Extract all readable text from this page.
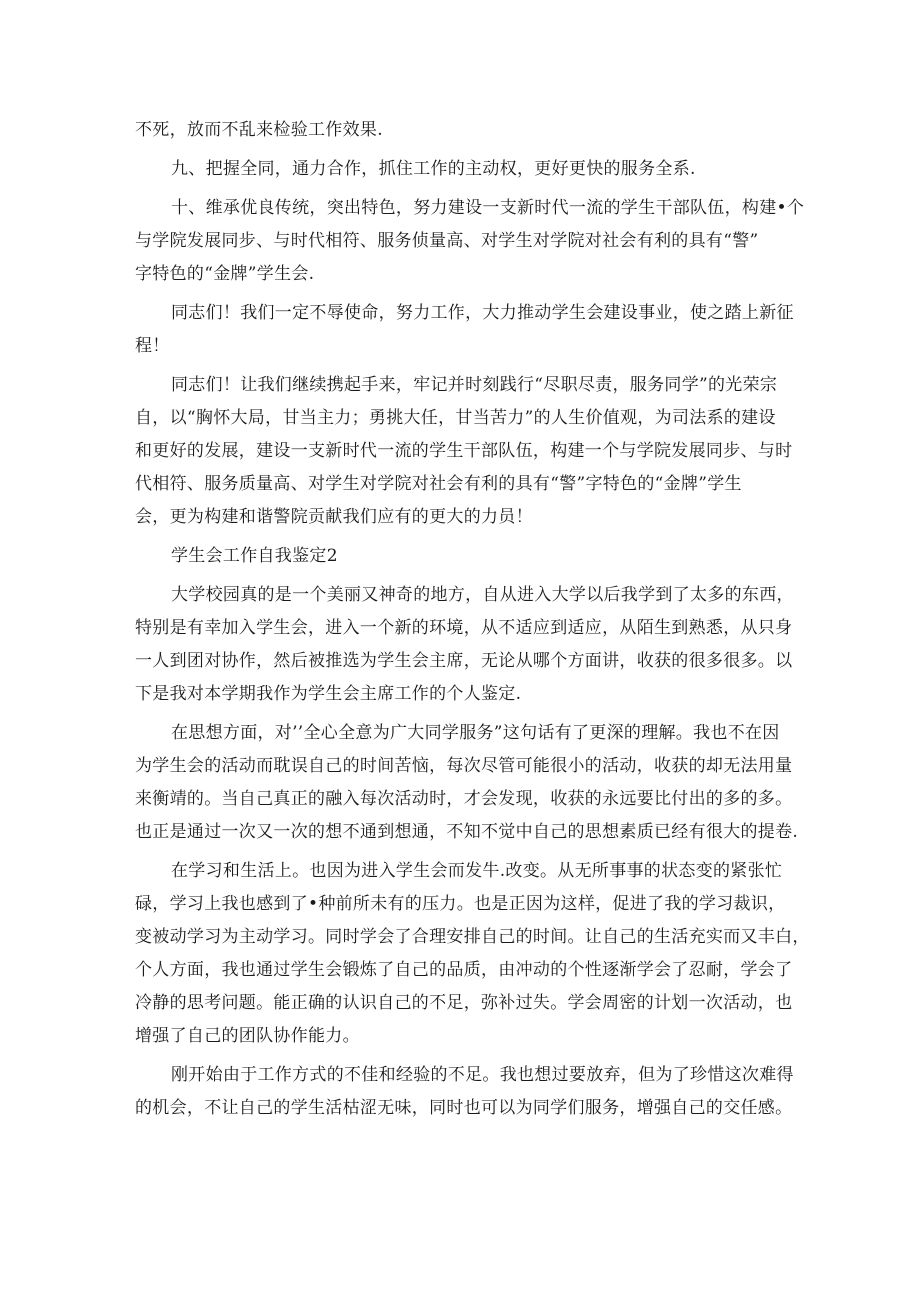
不死，放而不乱来检验工作效果.
九、把握全同，通力合作，抓住工作的主动权，更好更快的服务全系.
十、维承优良传统，突出特色，努力建设一支新时代一流的学生干部队伍，构建•个
与学院发展同步、与时代相符、服务侦量高、对学生对学院对社会有利的具有“警”
字特色的“金牌”学生会.
同志们！我们一定不辱使命，努力工作，大力推动学生会建设事业，使之踏上新征
程！
同志们！让我们继续携起手来，牢记并时刻践行“尽职尽责，服务同学”的光荣宗
自，以“胸怀大局，甘当主力；勇挑大任，甘当苦力”的人生价值观，为司法系的建设
和更好的发展，建设一支新时代一流的学生干部队伍，构建一个与学院发展同步、与时
代相符、服务质量高、对学生对学院对社会有利的具有“警”字特色的“金牌”学生
会，更为构建和谐警院贡献我们应有的更大的力员！
学生会工作自我鉴定2
大学校园真的是一个美丽又神奇的地方，自从进入大学以后我学到了太多的东西，
特别是有幸加入学生会，进入一个新的环境，从不适应到适应，从陌生到熟悉，从只身
一人到团对协作，然后被推选为学生会主席，无论从哪个方面讲，收获的很多很多。以
下是我对本学期我作为学生会主席工作的个人鉴定.
在思想方面，对’’全心全意为广大同学服务”这句话有了更深的理解。我也不在因
为学生会的活动而耽误自己的时间苦恼，每次尽管可能很小的活动，收获的却无法用量
来衡靖的。当自己真正的融入每次活动时，才会发现，收获的永远要比付出的多的多。
也正是通过一次又一次的想不通到想通，不知不觉中自己的思想素质已经有很大的提卷.
在学习和生活上。也因为进入学生会而发牛.改变。从无所事事的状态变的紧张忙
碌，学习上我也感到了•种前所未有的压力。也是正因为这样，促进了我的学习裁识，
变被动学习为主动学习。同时学会了合理安排自己的时间。让自己的生活充实而又丰白，
个人方面，我也通过学生会锻炼了自己的品质，由冲动的个性逐渐学会了忍耐，学会了
冷静的思考问题。能正确的认识自己的不足，弥补过失。学会周密的计划一次活动，也
增强了自己的团队协作能力。
刚开始由于工作方式的不佳和经验的不足。我也想过要放弃，但为了珍惜这次难得
的机会，不让自己的学生活枯涩无味，同时也可以为同学们服务，增强自己的交任感。
